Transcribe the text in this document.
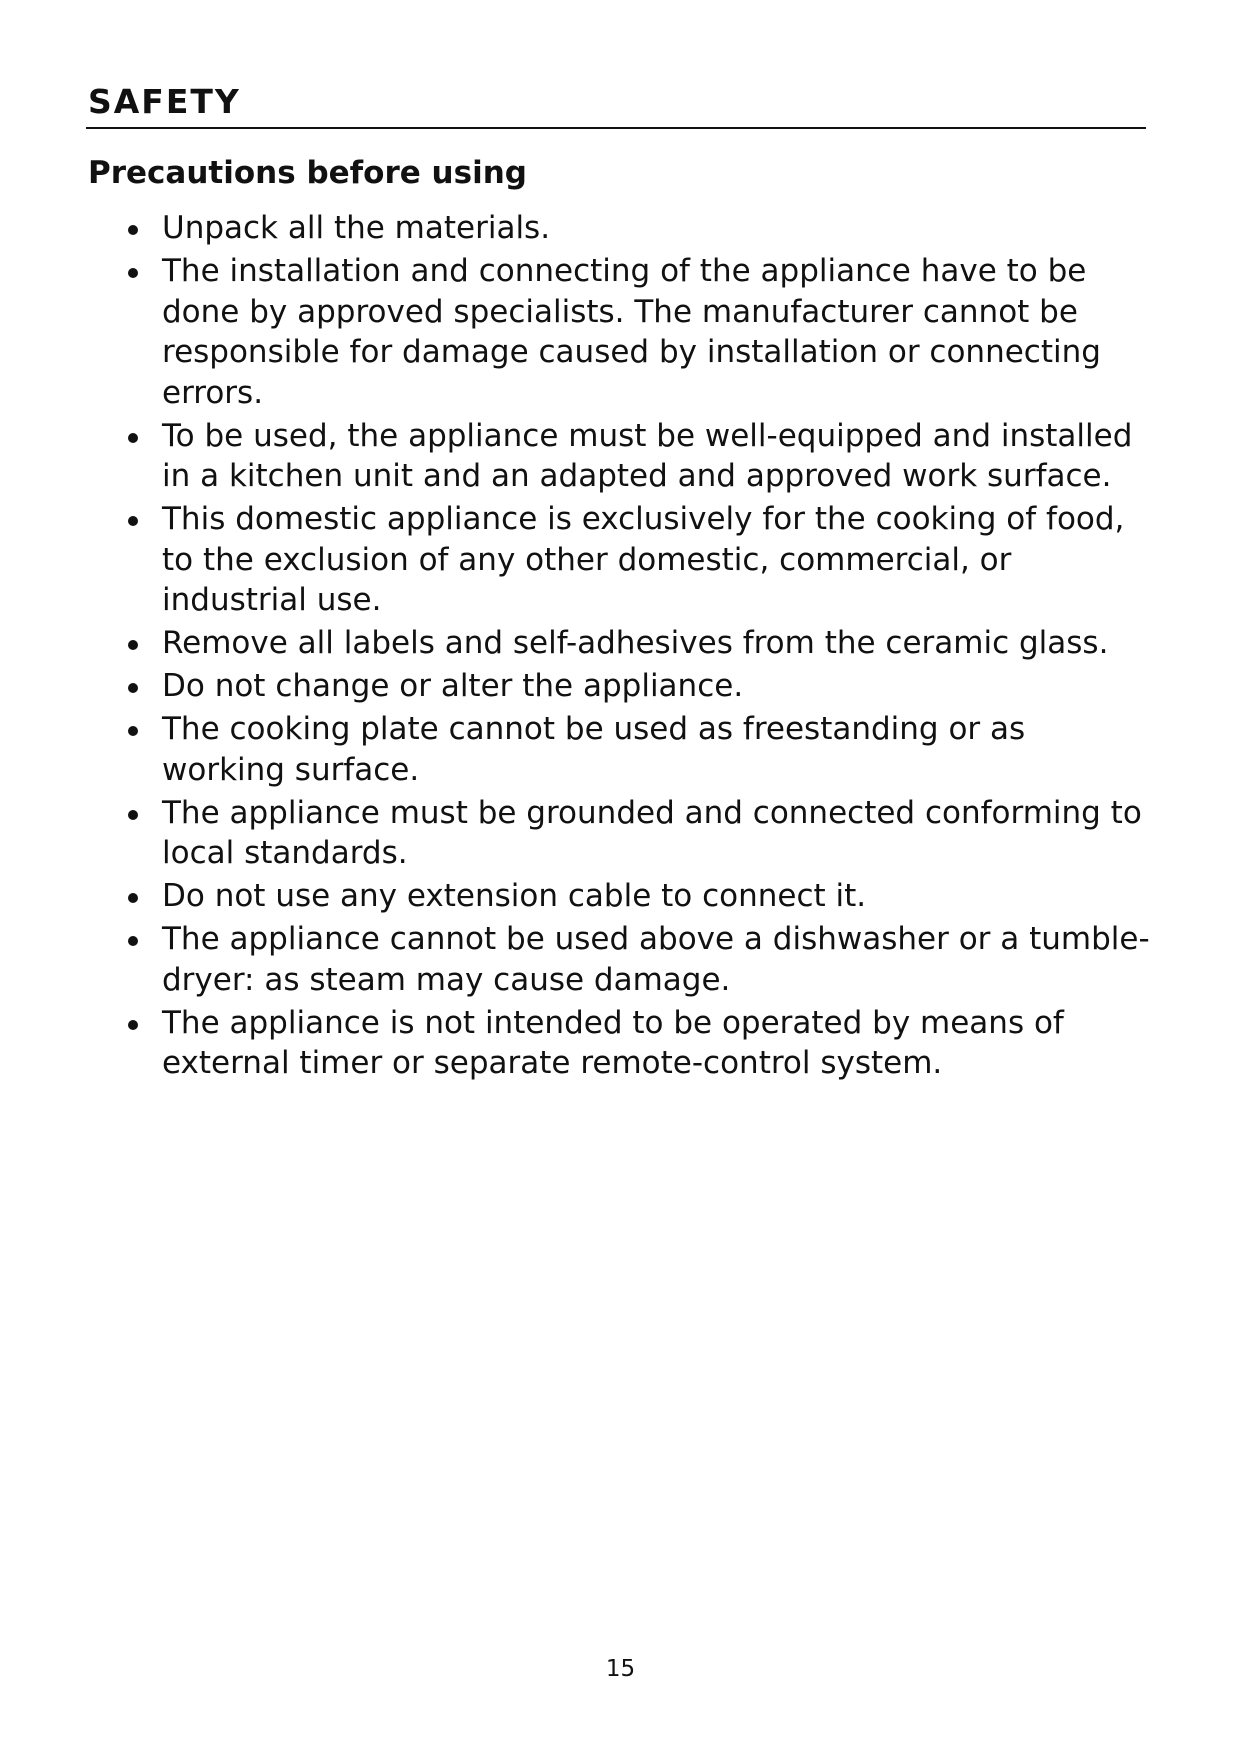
SAFETY
Precautions before using
Unpack all the materials.
The installation and connecting of the appliance have to be done by approved specialists. The manufacturer cannot be responsible for damage caused by installation or connecting errors.
To be used, the appliance must be well-equipped and installed in a kitchen unit and an adapted and approved work surface.
This domestic appliance is exclusively for the cooking of food, to the exclusion of any other domestic, commercial, or industrial use.
Remove all labels and self-adhesives from the ceramic glass.
Do not change or alter the appliance.
The cooking plate cannot be used as freestanding or as working surface.
The appliance must be grounded and connected conforming to local standards.
Do not use any extension cable to connect it.
The appliance cannot be used above a dishwasher or a tumble-dryer: as steam may cause damage.
The appliance is not intended to be operated by means of external timer or separate remote-control system.
15
